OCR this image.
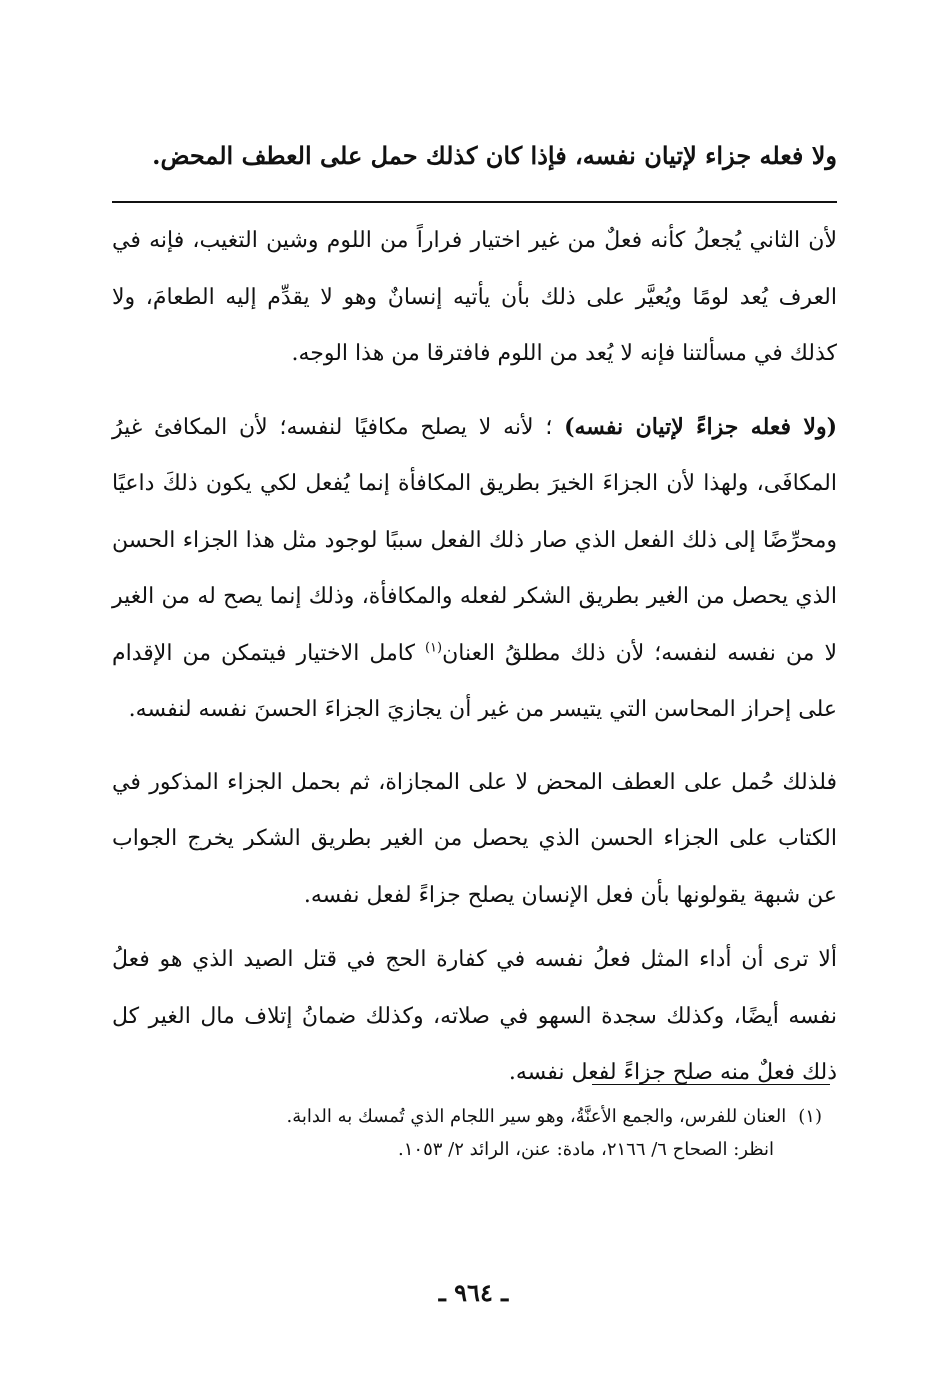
ولا فعله جزاء لإتيان نفسه، فإذا كان كذلك حمل على العطف المحض.

لأن الثاني يُجعلُ كأنه فعلٌ من غير اختيار فراراً من اللوم وشين التغيب، فإنه في العرف يُعد لومًا ويُعيَّر على ذلك بأن يأتيه إنسانٌ وهو لا يقدِّم إليه الطعامَ، ولا كذلك في مسألتنا فإنه لا يُعد من اللوم فافترقا من هذا الوجه.

(ولا فعله جزاءً لإتيان نفسه) ؛ لأنه لا يصلح مكافيًا لنفسه؛ لأن المكافئ غيرُ المكافَى، ولهذا لأن الجزاءَ الخيرَ بطريق المكافأة إنما يُفعل لكي يكون ذلكَ داعيًا ومحرِّضًا إلى ذلك الفعل الذي صار ذلك الفعل سببًا لوجود مثل هذا الجزاء الحسن الذي يحصل من الغير بطريق الشكر لفعله والمكافأة، وذلك إنما يصح له من الغير لا من نفسه لنفسه؛ لأن ذلك مطلقُ العنان$^{(١)}$ كامل الاختيار فيتمكن من الإقدام على إحراز المحاسن التي يتيسر من غير أن يجازيَ الجزاءَ الحسنَ نفسه لنفسه.

فلذلك حُمل على العطف المحض لا على المجازاة، ثم بحمل الجزاء المذكور في الكتاب على الجزاء الحسن الذي يحصل من الغير بطريق الشكر يخرج الجواب عن شبهة يقولونها بأن فعل الإنسان يصلح جزاءً لفعل نفسه.

ألا ترى أن أداء المثل فعلُ نفسه في كفارة الحج في قتل الصيد الذي هو فعلُ نفسه أيضًا، وكذلك سجدة السهو في صلاته، وكذلك ضمانُ إتلاف مال الغير كل ذلك فعلٌ منه صلح جزاءً لفعل نفسه.

(١)العنان للفرس، والجمع الأعنَّةُ، وهو سير اللجام الذي تُمسك به الدابة.
انظر: الصحاح ٦/ ٢١٦٦، مادة: عنن، الرائد ٢/ ١٠٥٣.
ـ ٩٦٤ ـ
